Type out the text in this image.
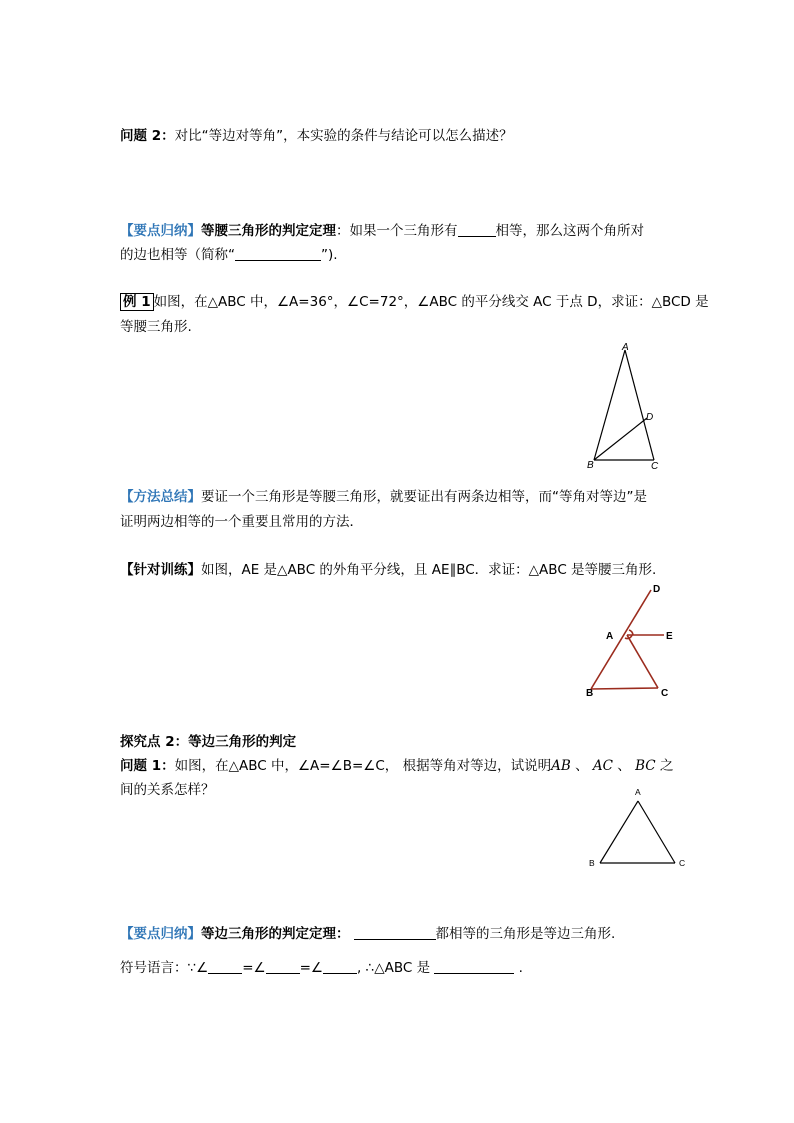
问题 2：对比“等边对等角”，本实验的条件与结论可以怎么描述？
【要点归纳】等腰三角形的判定定理：如果一个三角形有	相等，那么这两个角所对
的边也相等（简称“	”).
例 1 如图，在△ABC 中，∠A=36°，∠C=72°，∠ABC 的平分线交 AC 于点 D，求证：△BCD 是
等腰三角形.
A
B	C
D
【方法总结】要证一个三角形是等腰三角形，就要证出有两条边相等，而“等角对等边”是
证明两边相等的一个重要且常用的方法．
【针对训练】如图，AE 是△ABC 的外角平分线，且 AE∥BC．求证：△ABC 是等腰三角形.
D
A	E
B	C
探究点 2：等边三角形的判定
问题 1：如图，在△ABC 中，∠A=∠B=∠C， 根据等角对等边，试说明AB 、 AC 、 BC 之
间的关系怎样？	A
B	C
【要点归纳】等边三角形的判定定理：	都相等的三角形是等边三角形.
符号语言：∵∠	=∠	=∠	, ∴△ABC 是	.
